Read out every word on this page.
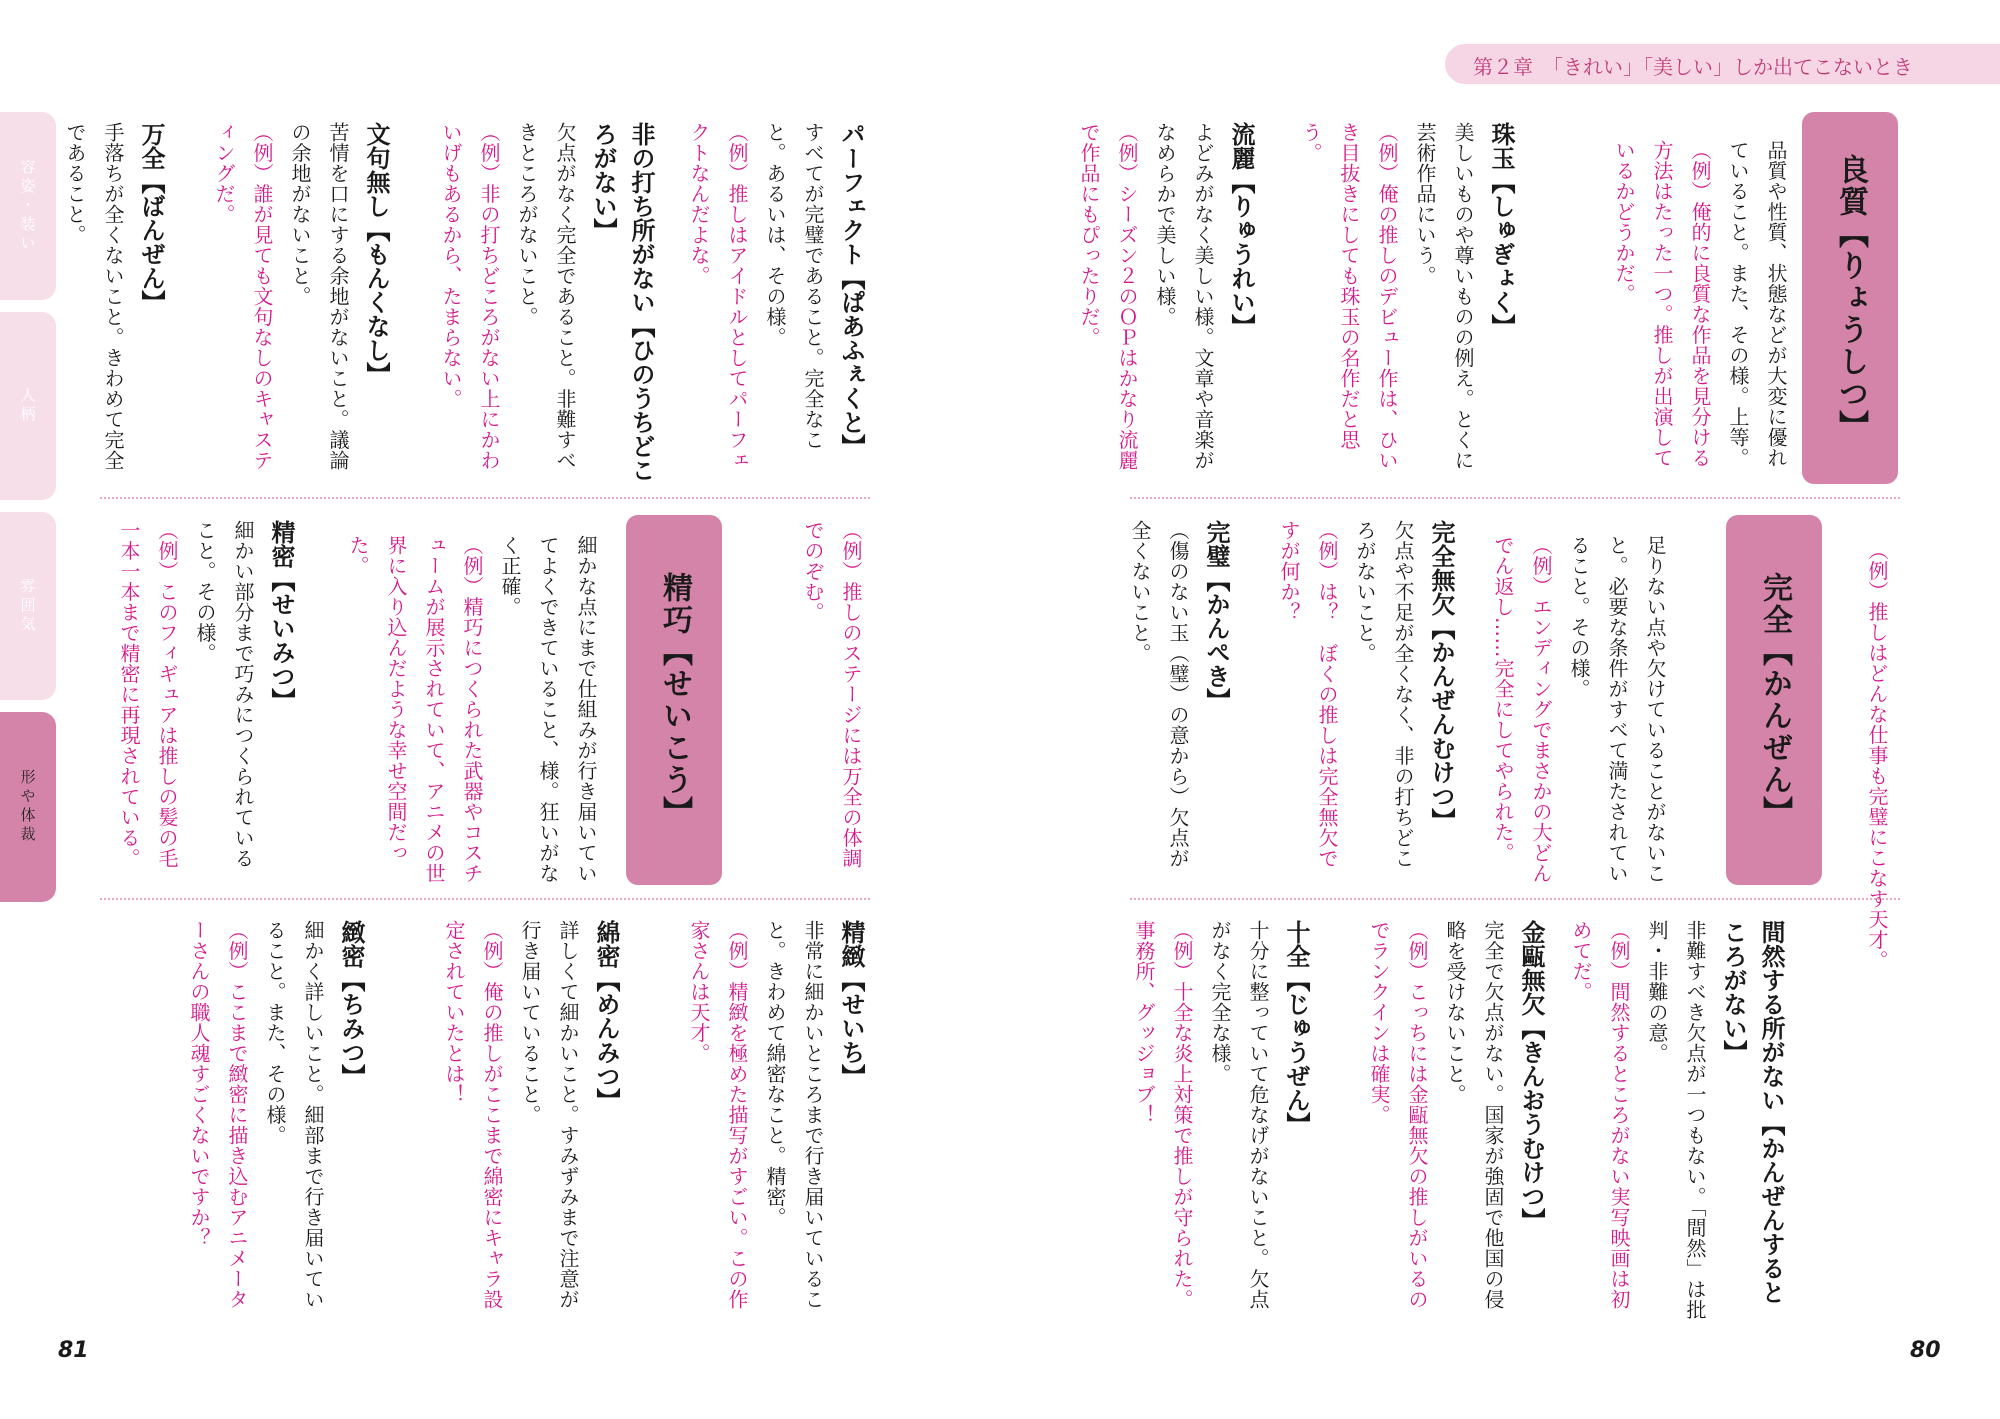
第２章　「きれい」「美しい」しか出てこないとき
容姿・装い
人柄
雰囲気
形や体裁
良質【りょうしつ】
品質や性質、状態などが大変に優れていること。また、その様。上等。
（例）俺的に良質な作品を見分ける方法はたった一つ。推しが出演しているかどうかだ。
珠玉【しゅぎょく】
美しいものや尊いものの例え。とくに芸術作品にいう。
（例）俺の推しのデビュー作は、ひいき目抜きにしても珠玉の名作だと思う。
流麗【りゅうれい】
よどみがなく美しい様。文章や音楽がなめらかで美しい様。
（例）シーズン２のＯＰはかなり流麗で作品にもぴったりだ。
完全【かんぜん】
足りない点や欠けていることがないこと。必要な条件がすべて満たされていること。その様。
（例）エンディングでまさかの大どんでん返し……完全にしてやられた。
完全無欠【かんぜんむけつ】
欠点や不足が全くなく、非の打ちどころがないこと。
（例）は？　ぼくの推しは完全無欠ですが何か？
完璧【かんぺき】
（傷のない玉（璧）の意から）欠点が全くないこと。	（例）推しはどんな仕事も完璧にこなす天才。
間然する所がない【かんぜんするところがない】
非難すべき欠点が一つもない。「間然」は批判・非難の意。
（例）間然するところがない実写映画は初めてだ。
金甌無欠【きんおうむけつ】
完全で欠点がない。国家が強固で他国の侵略を受けないこと。
（例）こっちには金甌無欠の推しがいるのでランクインは確実。
十全【じゅうぜん】
十分に整っていて危なげがないこと。欠点がなく完全な様。
（例）十全な炎上対策で推しが守られた。事務所、グッジョブ！
パーフェクト【ぱあふぇくと】
すべてが完璧であること。完全なこと。あるいは、その様。
（例）推しはアイドルとしてパーフェクトなんだよな。
非の打ち所がない【ひのうちどころがない】
欠点がなく完全であること。非難すべきところがないこと。
（例）非の打ちどころがない上にかわいげもあるから、たまらない。
文句無し【もんくなし】
苦情を口にする余地がないこと。議論の余地がないこと。
（例）誰が見ても文句なしのキャスティングだ。
万全【ばんぜん】
手落ちが全くないこと。きわめて完全であること。
（例）推しのステージには万全の体調でのぞむ。
精巧【せいこう】
細かな点にまで仕組みが行き届いていてよくできていること、様。狂いがなく正確。
（例）精巧につくられた武器やコスチュームが展示されていて、アニメの世界に入り込んだような幸せ空間だった。
精密【せいみつ】
細かい部分まで巧みにつくられていること。その様。
（例）このフィギュアは推しの髪の毛一本一本まで精密に再現されている。
精緻【せいち】
非常に細かいところまで行き届いていること。きわめて綿密なこと。精密。
（例）精緻を極めた描写がすごい。この作家さんは天才。
綿密【めんみつ】
詳しくて細かいこと。すみずみまで注意が行き届いていること。
（例）俺の推しがここまで綿密にキャラ設定されていたとは！
緻密【ちみつ】
細かく詳しいこと。細部まで行き届いていること。また、その様。
（例）ここまで緻密に描き込むアニメーターさんの職人魂すごくないですか？
81	80
